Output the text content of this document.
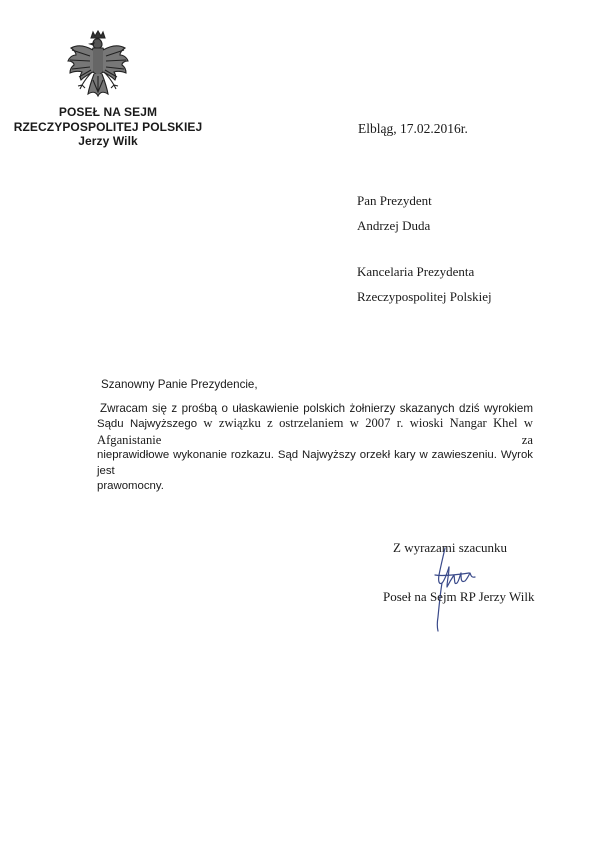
POSEŁ NA SEJM
RZECZYPOSPOLITEJ POLSKIEJ
Jerzy Wilk
Elbląg, 17.02.2016r.
Pan Prezydent
Andrzej Duda
Kancelaria Prezydenta
Rzeczypospolitej Polskiej
Szanowny Panie Prezydencie,
Zwracam się z prośbą o ułaskawienie polskich żołnierzy skazanych dziś wyrokiem
Sądu Najwyższego w związku z ostrzelaniem w 2007 r. wioski Nangar Khel w Afganistanie za
nieprawidłowe wykonanie rozkazu. Sąd Najwyższy orzekł kary w zawieszeniu. Wyrok jest
prawomocny.
Z wyrazami szacunku
Poseł na Sejm RP Jerzy Wilk
